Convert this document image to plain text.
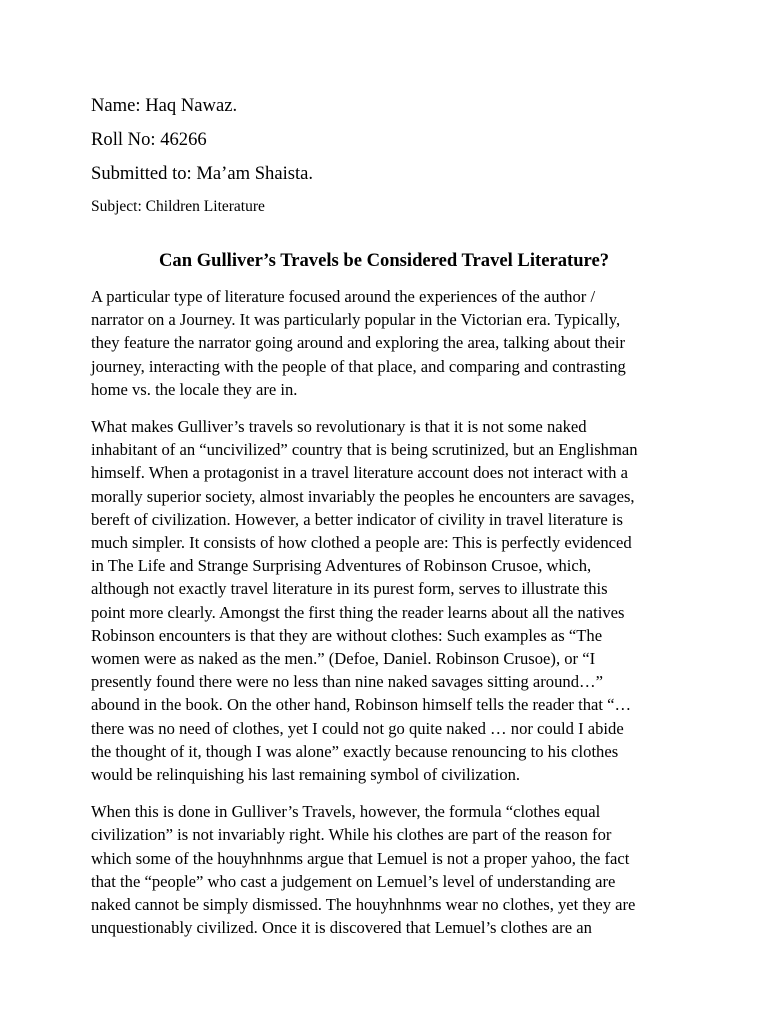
Name: Haq Nawaz.

Roll No: 46266

Submitted to: Ma’am Shaista.

Subject: Children Literature

Can Gulliver’s Travels be Considered Travel Literature?

A particular type of literature focused around the experiences of the author /
narrator on a Journey. It was particularly popular in the Victorian era. Typically,
they feature the narrator going around and exploring the area, talking about their
journey, interacting with the people of that place, and comparing and contrasting
home vs. the locale they are in.

What makes Gulliver’s travels so revolutionary is that it is not some naked
inhabitant of an “uncivilized” country that is being scrutinized, but an Englishman
himself. When a protagonist in a travel literature account does not interact with a
morally superior society, almost invariably the peoples he encounters are savages,
bereft of civilization. However, a better indicator of civility in travel literature is
much simpler. It consists of how clothed a people are: This is perfectly evidenced
in The Life and Strange Surprising Adventures of Robinson Crusoe, which,
although not exactly travel literature in its purest form, serves to illustrate this
point more clearly. Amongst the first thing the reader learns about all the natives
Robinson encounters is that they are without clothes: Such examples as “The
women were as naked as the men.” (Defoe, Daniel. Robinson Crusoe), or “I
presently found there were no less than nine naked savages sitting around…”
abound in the book. On the other hand, Robinson himself tells the reader that “…
there was no need of clothes, yet I could not go quite naked … nor could I abide
the thought of it, though I was alone” exactly because renouncing to his clothes
would be relinquishing his last remaining symbol of civilization.

When this is done in Gulliver’s Travels, however, the formula “clothes equal
civilization” is not invariably right. While his clothes are part of the reason for
which some of the houyhnhnms argue that Lemuel is not a proper yahoo, the fact
that the “people” who cast a judgement on Lemuel’s level of understanding are
naked cannot be simply dismissed. The houyhnhnms wear no clothes, yet they are
unquestionably civilized. Once it is discovered that Lemuel’s clothes are an
